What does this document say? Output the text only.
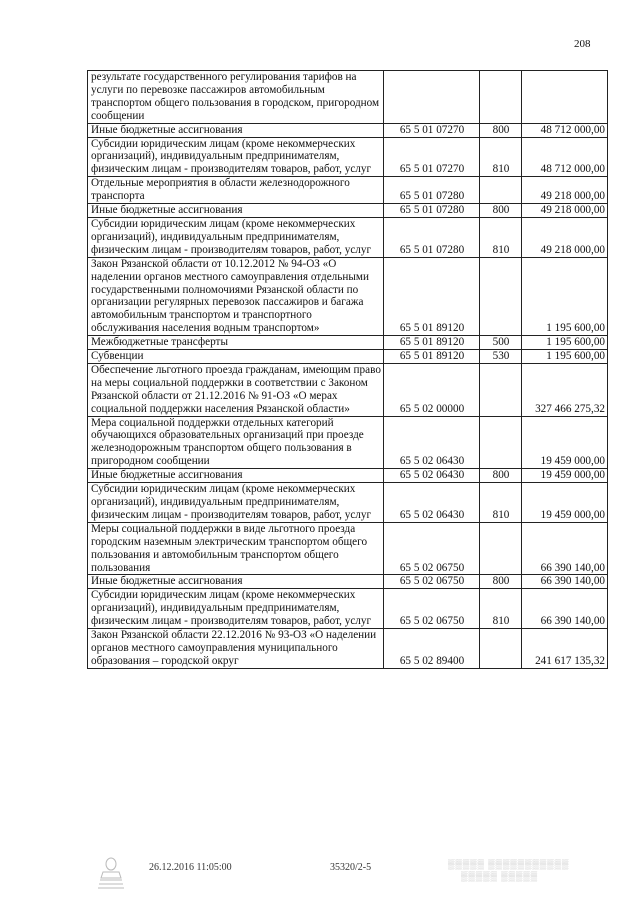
208
результате государственного регулирования тарифов на услуги по перевозке пассажиров автомобильным транспортом общего пользования в городском, пригородном сообщении			
Иные бюджетные ассигнования	65 5 01 07270	800	48 712 000,00
Субсидии юридическим лицам (кроме некоммерческих организаций), индивидуальным предпринимателям, физическим лицам - производителям товаров, работ, услуг	65 5 01 07270	810	48 712 000,00
Отдельные мероприятия в области железнодорожного транспорта	65 5 01 07280		49 218 000,00
Иные бюджетные ассигнования	65 5 01 07280	800	49 218 000,00
Субсидии юридическим лицам (кроме некоммерческих организаций), индивидуальным предпринимателям, физическим лицам - производителям товаров, работ, услуг	65 5 01 07280	810	49 218 000,00
Закон Рязанской области от 10.12.2012 № 94-ОЗ «О наделении органов местного самоуправления отдельными государственными полномочиями Рязанской области по организации регулярных перевозок пассажиров и багажа автомобильным транспортом и транспортного обслуживания населения водным транспортом»	65 5 01 89120		1 195 600,00
Межбюджетные трансферты	65 5 01 89120	500	1 195 600,00
Субвенции	65 5 01 89120	530	1 195 600,00
Обеспечение льготного проезда гражданам, имеющим право на меры социальной поддержки в соответствии с Законом Рязанской области от 21.12.2016 № 91-ОЗ «О мерах социальной поддержки населения Рязанской области»	65 5 02 00000		327 466 275,32
Мера социальной поддержки отдельных категорий обучающихся образовательных организаций при проезде железнодорожным транспортом общего пользования в пригородном сообщении	65 5 02 06430		19 459 000,00
Иные бюджетные ассигнования	65 5 02 06430	800	19 459 000,00
Субсидии юридическим лицам (кроме некоммерческих организаций), индивидуальным предпринимателям, физическим лицам - производителям товаров, работ, услуг	65 5 02 06430	810	19 459 000,00
Меры социальной поддержки в виде льготного проезда городским наземным электрическим транспортом общего пользования и автомобильным транспортом общего пользования	65 5 02 06750		66 390 140,00
Иные бюджетные ассигнования	65 5 02 06750	800	66 390 140,00
Субсидии юридическим лицам (кроме некоммерческих организаций), индивидуальным предпринимателям, физическим лицам - производителям товаров, работ, услуг	65 5 02 06750	810	66 390 140,00
Закон Рязанской области 22.12.2016 № 93-ОЗ «О наделении органов местного самоуправления муниципального образования – городской округ	65 5 02 89400		241 617 135,32
26.12.2016 11:05:00	35320/2-5	▒▒▒▒▒ ▒▒▒▒▒▒▒▒▒▒▒
▒▒▒▒▒ ▒▒▒▒▒
